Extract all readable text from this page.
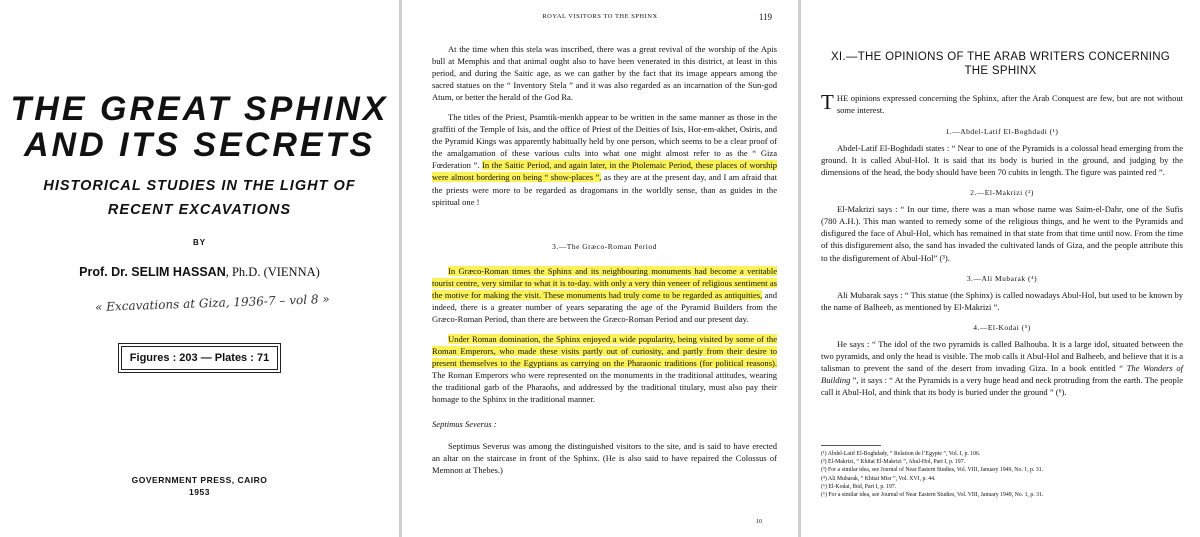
THE GREAT SPHINX
AND ITS SECRETS
HISTORICAL STUDIES IN THE LIGHT OF
RECENT EXCAVATIONS
BY
Prof. Dr. SELIM HASSAN, Ph.D. (VIENNA)
« Excavations at Giza, 1936-7 – vol 8 »
Figures : 203 — Plates : 71
GOVERNMENT PRESS, CAIRO
1953
ROYAL VISITORS TO THE SPHINX	119

At the time when this stela was inscribed, there was a great revival of the worship of the Apis bull at Memphis and that animal ought also to have been venerated in this district, at least in this period, and during the Saitic age, as we can gather by the fact that its image appears among the sacred statues on the “ Inventory Stela ” and it was also regarded as an incarnation of the Sun-god Atum, or better the herald of the God Ra.

The titles of the Priest, Psamtik-menkh appear to be written in the same manner as those in the graffiti of the Temple of Isis, and the office of Priest of the Deities of Isis, Hor-em-akhet, Osiris, and the Pyramid Kings was apparently habitually held by one person, which seems to be a clear proof of the amalgamation of these various cults into what one might almost refer to as the “ Giza Fœderation ”. In the Saitic Period, and again later, in the Ptolemaic Period, these places of worship were almost bordering on being “ show-places ”, as they are at the present day, and I am afraid that the priests were more to be regarded as dragomans in the worldly sense, than as guides in the spiritual one !

3.—The Græco-Roman Period

In Græco-Roman times the Sphinx and its neighbouring monuments had become a veritable tourist centre, very similar to what it is to-day. with only a very thin veneer of religious sentiment as the motive for making the visit. These monuments had truly come to be regarded as antiquities, and indeed, there is a greater number of years separating the age of the Pyramid Builders from the Græco-Roman Period, than there are between the Græco-Roman Period and our present day.

Under Roman domination, the Sphinx enjoyed a wide popularity, being visited by some of the Roman Emperors, who made these visits partly out of curiosity, and partly from their desire to present themselves to the Egyptians as carrying on the Pharaonic traditions (for political reasons). The Roman Emperors who were represented on the monuments in the traditional attitudes, wearing the traditional garb of the Pharaohs, and addressed by the traditional titulary, must also pay their homage to the Sphinx in the traditional manner.

Septimus Severus :

Septimus Severus was among the distinguished visitors to the site, and is said to have erected an altar on the staircase in front of the Sphinx. (He is also said to have repaired the Colossus of Memnon at Thebes.)

10
XI.—THE OPINIONS OF THE ARAB WRITERS CONCERNING
THE SPHINX

THE opinions expressed concerning the Sphinx, after the Arab Conquest are few, but are not without some interest.

1.—Abdel-Latif El-Boghdadi (¹)

Abdel-Latif El-Boghdadi states : “ Near to one of the Pyramids is a colossal head emerging from the ground. It is called Abul-Hol. It is said that its body is buried in the ground, and judging by the dimensions of the head, the body should have been 70 cubits in length. The figure was painted red ”.

2.—El-Makrizi (²)

El-Makrizi says : “ In our time, there was a man whose name was Saim-el-Dahr, one of the Sufis (780 A.H.). This man wanted to remedy some of the religious things, and he went to the Pyramids and disfigured the face of Abul-Hol, which has remained in that state from that time until now. From the time of this disfigurement also, the sand has invaded the cultivated lands of Giza, and the people attribute this to the disfigurement of Abul-Hol” (³).

3.—Ali Mubarak (⁴)

Ali Mubarak says : “ This statue (the Sphinx) is called nowadays Abul-Hol, but used to be known by the name of Balheeb, as mentioned by El-Makrizi ”.

4.—El-Kodai (⁵)

He says : “ The idol of the two pyramids is called Balhouba. It is a large idol, situated between the two pyramids, and only the head is visible. The mob calls it Abul-Hol and Balheeb, and believe that it is a talisman to prevent the sand of the desert from invading Giza. In a book entitled “ The Wonders of Building ”, it says : “ At the Pyramids is a very huge head and neck protruding from the earth. The people call it Abul-Hol, and think that its body is buried under the ground ” (⁶).

(¹) Abdel-Latif El-Boghdady, “ Relation de l’Egypte ”, Vol. I, p. 106.
(²) El-Makrizi, “ Khitat El-Makrizi ”, Abul-Hol, Part I, p. 197.
(³) For a similar idea, see Journal of Near Eastern Studies, Vol. VIII, January 1949, No. 1, p. 31.
(⁴) Ali Mubarak, “ Khitat Misr ”, Vol. XVI, p. 44.
(⁵) El-Kodai, Ibid, Part I, p. 197.
(⁶) For a similar idea, see Journal of Near Eastern Studies, Vol. VIII, January 1949, No. 1, p. 31.
